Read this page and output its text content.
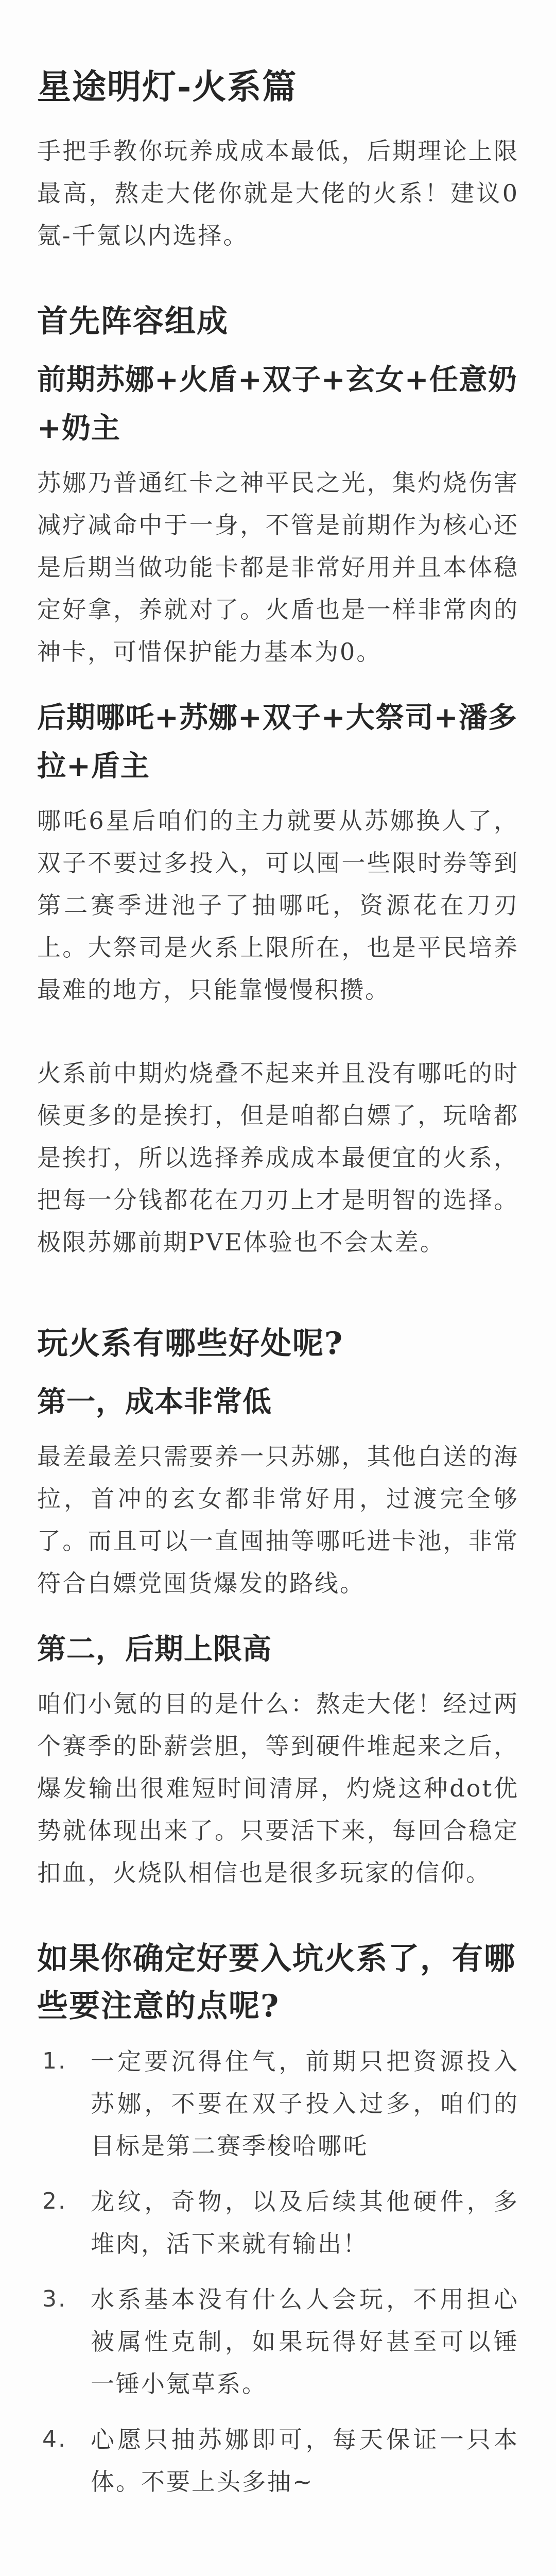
星途明灯-火系篇
手把手教你玩养成成本最低，后期理论上限最高，熬走大佬你就是大佬的火系！建议0氪-千氪以内选择。
首先阵容组成
前期苏娜+火盾+双子+玄女+任意奶+奶主
苏娜乃普通红卡之神平民之光，集灼烧伤害减疗减命中于一身，不管是前期作为核心还是后期当做功能卡都是非常好用并且本体稳定好拿，养就对了。火盾也是一样非常肉的神卡，可惜保护能力基本为0。
后期哪吒+苏娜+双子+大祭司+潘多拉+盾主
哪吒6星后咱们的主力就要从苏娜换人了，双子不要过多投入，可以囤一些限时券等到第二赛季进池子了抽哪吒，资源花在刀刃上。大祭司是火系上限所在，也是平民培养最难的地方，只能靠慢慢积攒。
火系前中期灼烧叠不起来并且没有哪吒的时候更多的是挨打，但是咱都白嫖了，玩啥都是挨打，所以选择养成成本最便宜的火系，把每一分钱都花在刀刃上才是明智的选择。极限苏娜前期PVE体验也不会太差。
玩火系有哪些好处呢?
第一，成本非常低
最差最差只需要养一只苏娜，其他白送的海拉，首冲的玄女都非常好用，过渡完全够了。而且可以一直囤抽等哪吒进卡池，非常符合白嫖党囤货爆发的路线。
第二，后期上限高
咱们小氪的目的是什么：熬走大佬！经过两个赛季的卧薪尝胆，等到硬件堆起来之后，爆发输出很难短时间清屏，灼烧这种dot优势就体现出来了。只要活下来，每回合稳定扣血，火烧队相信也是很多玩家的信仰。
如果你确定好要入坑火系了，有哪些要注意的点呢?
1. 一定要沉得住气，前期只把资源投入苏娜，不要在双子投入过多，咱们的目标是第二赛季梭哈哪吒
2. 龙纹，奇物，以及后续其他硬件，多堆肉，活下来就有输出！
3. 水系基本没有什么人会玩，不用担心被属性克制，如果玩得好甚至可以锤一锤小氪草系。
4. 心愿只抽苏娜即可，每天保证一只本体。不要上头多抽~
